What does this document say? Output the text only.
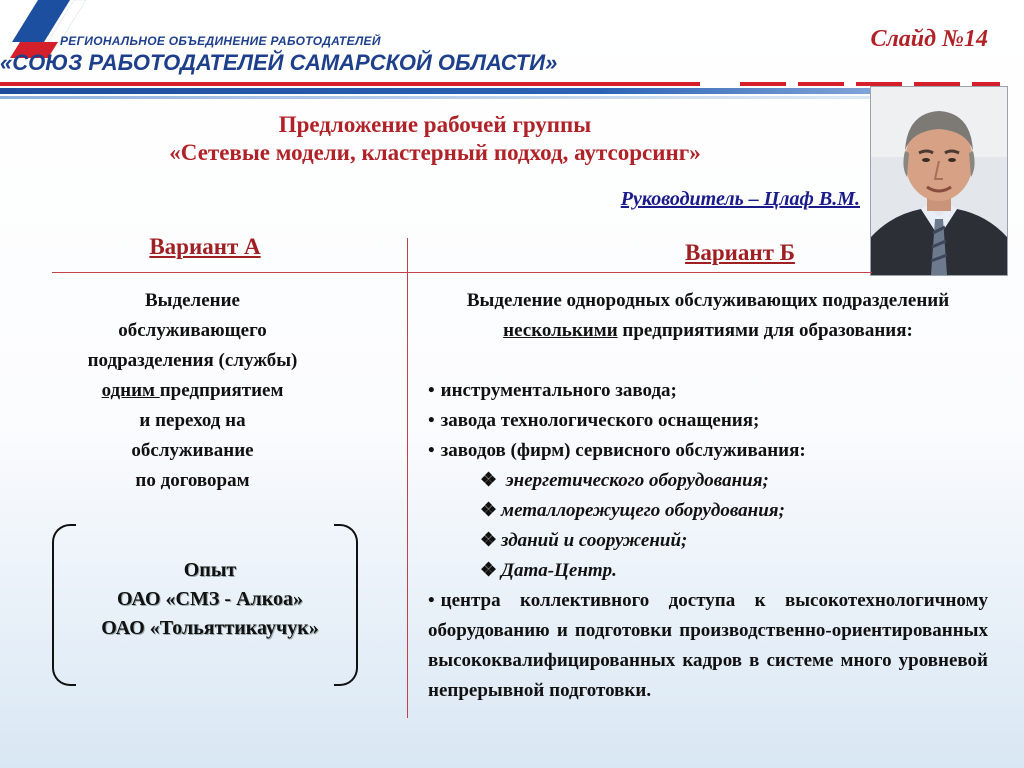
РЕГИОНАЛЬНОЕ ОБЪЕДИНЕНИЕ РАБОТОДАТЕЛЕЙ
«СОЮЗ РАБОТОДАТЕЛЕЙ САМАРСКОЙ ОБЛАСТИ»
Слайд №14
Предложение рабочей группы
«Сетевые модели, кластерный подход, аутсорсинг»
Руководитель – Цлаф В.М.
Вариант А	Вариант Б
Выделение
обслуживающего
подразделения (службы)
одним предприятием
и переход на
обслуживание
по договорам
Опыт
ОАО «СМЗ - Алкоа»
ОАО «Тольяттикаучук»
Выделение однородных обслуживающих подразделений несколькими предприятиями для образования:
• инструментального завода;
• завода технологического оснащения;
• заводов (фирм) сервисного обслуживания:
❖ энергетического оборудования;
❖ металлорежущего оборудования;
❖ зданий и сооружений;
❖ Дата-Центр.
• центра коллективного доступа к высокотехнологичному оборудованию и подготовки производственно-ориентированных высококвалифицированных кадров в системе много уровневой непрерывной подготовки.
